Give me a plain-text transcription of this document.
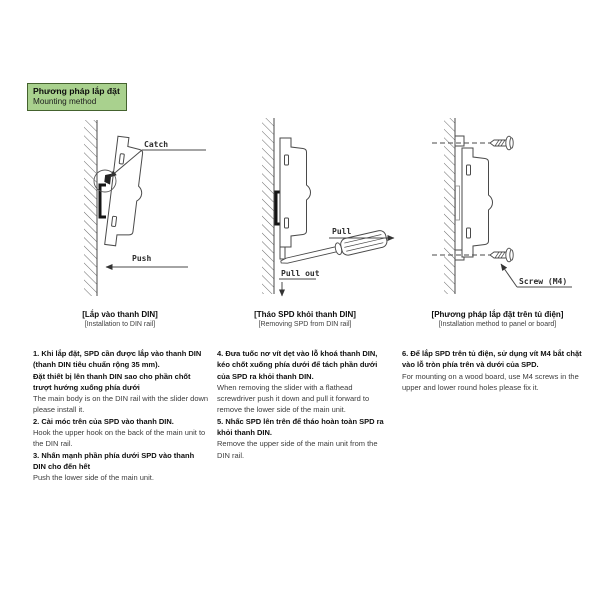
Phương pháp lắp đặt
Mounting method
Catch
Push
Pull
Pull out
Screw (M4)
[Lắp vào thanh DIN]
[Installation to DIN rail]
[Tháo SPD khỏi thanh DIN]
[Removing SPD from DIN rail]
[Phương pháp lắp đặt trên tủ điện]
[Installation method to panel or board]

1. Khi lắp đặt, SPD cần được lắp vào thanh DIN (thanh DIN tiêu chuẩn rộng 35 mm).

Đặt thiết bị lên thanh DIN sao cho phần chốt trượt hướng xuống phía dưới

The main body is on the DIN rail with the slider down please install it.

2. Cài móc trên của SPD vào thanh DIN.

Hook the upper hook on the back of the main unit to the DIN rail.

3. Nhấn mạnh phần phía dưới SPD vào thanh DIN cho đến hết

Push the lower side of the main unit.

4. Đưa tuốc nơ vít dẹt vào lỗ khoá thanh DIN, kéo chốt xuống phía dưới để tách phần dưới của SPD ra khỏi thanh DIN.

When removing the slider with a flathead screwdriver push it down and pull it forward to remove the lower side of the main unit.

5. Nhấc SPD lên trên để tháo hoàn toàn SPD ra khỏi thanh DIN.

Remove the upper side of the main unit from the DIN rail.

6. Để lắp SPD trên tủ điện, sử dụng vít M4 bắt chặt vào lỗ tròn phía trên và dưới của SPD.

For mounting on a wood board, use M4 screws in the upper and lower round holes please fix it.
